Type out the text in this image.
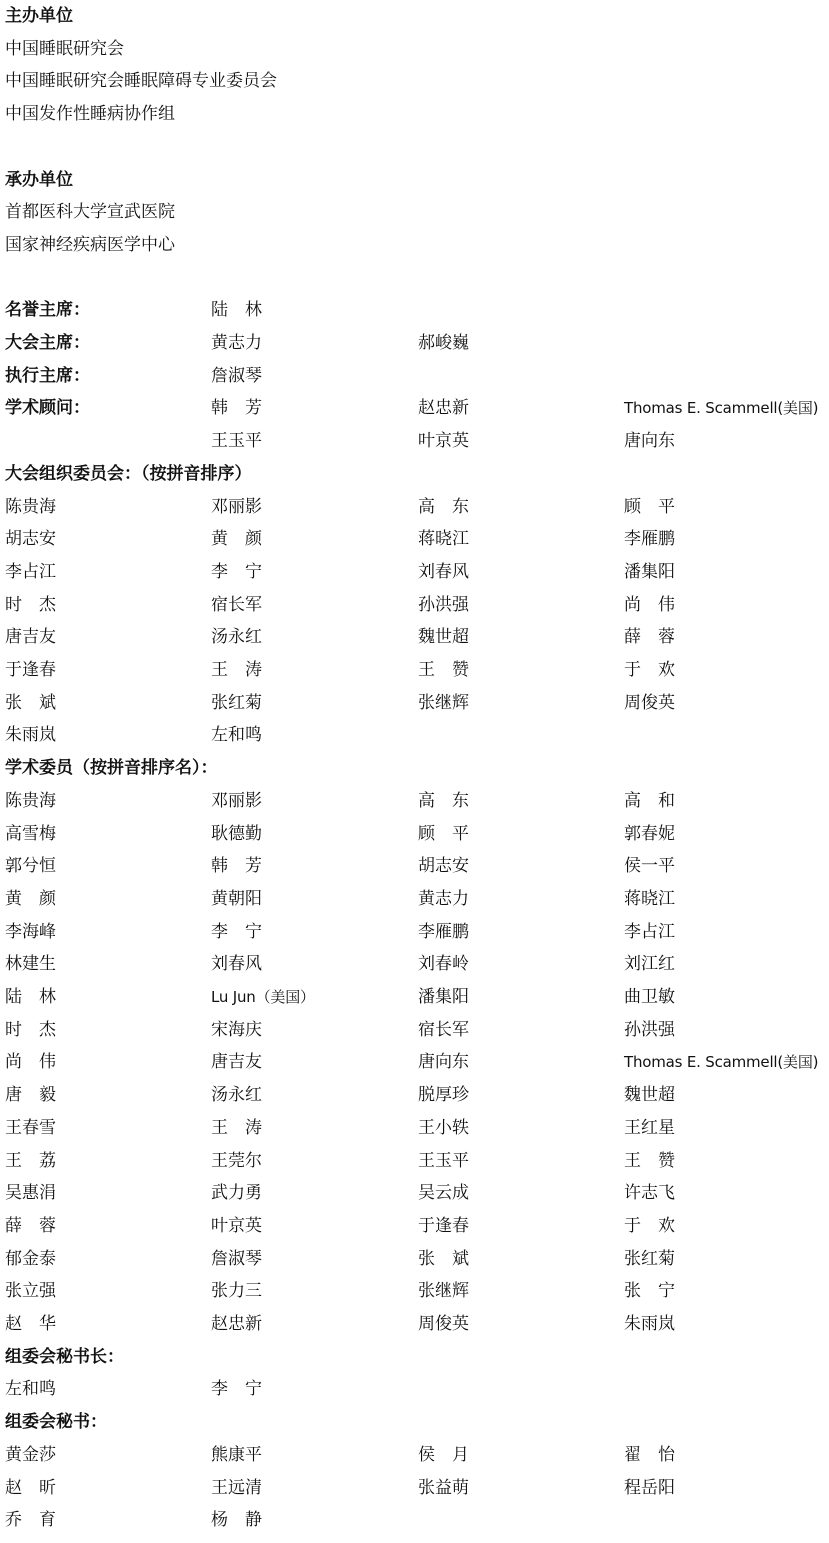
主办单位
中国睡眠研究会
中国睡眠研究会睡眠障碍专业委员会
中国发作性睡病协作组
承办单位
首都医科大学宣武医院
国家神经疾病医学中心
名誉主席：	陆　林
大会主席：	黄志力	郝峻巍
执行主席：	詹淑琴
学术顾问：	韩　芳	赵忠新	Thomas E. Scammell(美国)
王玉平	叶京英	唐向东
大会组织委员会：（按拼音排序）
陈贵海	邓丽影	高　东	顾　平
胡志安	黄　颜	蒋晓江	李雁鹏
李占江	李　宁	刘春风	潘集阳
时　杰	宿长军	孙洪强	尚　伟
唐吉友	汤永红	魏世超	薛　蓉
于逢春	王　涛	王　赞	于　欢
张　斌	张红菊	张继辉	周俊英
朱雨岚	左和鸣
学术委员（按拼音排序名）：
陈贵海	邓丽影	高　东	高　和
高雪梅	耿德勤	顾　平	郭春妮
郭兮恒	韩　芳	胡志安	侯一平
黄　颜	黄朝阳	黄志力	蒋晓江
李海峰	李　宁	李雁鹏	李占江
林建生	刘春风	刘春岭	刘江红
陆　林	Lu Jun（美国）	潘集阳	曲卫敏
时　杰	宋海庆	宿长军	孙洪强
尚　伟	唐吉友	唐向东	Thomas E. Scammell(美国)
唐　毅	汤永红	脱厚珍	魏世超
王春雪	王　涛	王小轶	王红星
王　荔	王莞尔	王玉平	王　赞
吴惠涓	武力勇	吴云成	许志飞
薛　蓉	叶京英	于逢春	于　欢
郁金泰	詹淑琴	张　斌	张红菊
张立强	张力三	张继辉	张　宁
赵　华	赵忠新	周俊英	朱雨岚
组委会秘书长：
左和鸣	李　宁
组委会秘书：
黄金莎	熊康平	侯　月	翟　怡
赵　昕	王远清	张益萌	程岳阳
乔　育	杨　静
